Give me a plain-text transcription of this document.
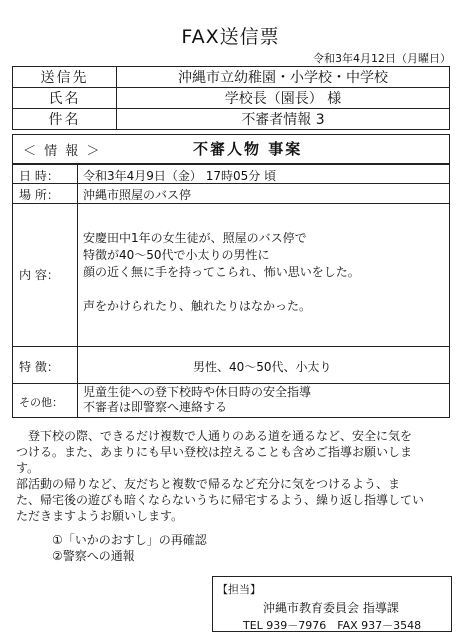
FAX送信票
令和3年4月12日（月曜日）
送信先	沖縄市立幼稚園・小学校・中学校
氏名	学校長（園長） 様
件名	不審者情報 3
＜ 情 報 ＞	不審人物 事案
日 時： 令和3年4月9日（金） 17時05分 頃
場 所： 沖縄市照屋のバス停
内 容：
安慶田中1年の女生徒が、照屋のバス停で
特徴が40～50代で小太りの男性に
顔の近く無に手を持ってこられ、怖い思いをした。
声をかけられたり、触れたりはなかった。
特 徴：	男性、40～50代、小太り
その他：
児童生徒への登下校時や休日時の安全指導
不審者は即警察へ連絡する
　登下校の際、できるだけ複数で人通りのある道を通るなど、安全に気を
つける。また、あまりにも早い登校は控えることも含めご指導お願いしま
す。
部活動の帰りなど、友だちと複数で帰るなど充分に気をつけるよう、ま
た、帰宅後の遊びも暗くならないうちに帰宅するよう、繰り返し指導してい
ただきますようお願いします。
①「いかのおすし」の再確認
②警察への通報
【担当】
沖縄市教育委員会 指導課
TEL 939－7976　FAX 937－3548
